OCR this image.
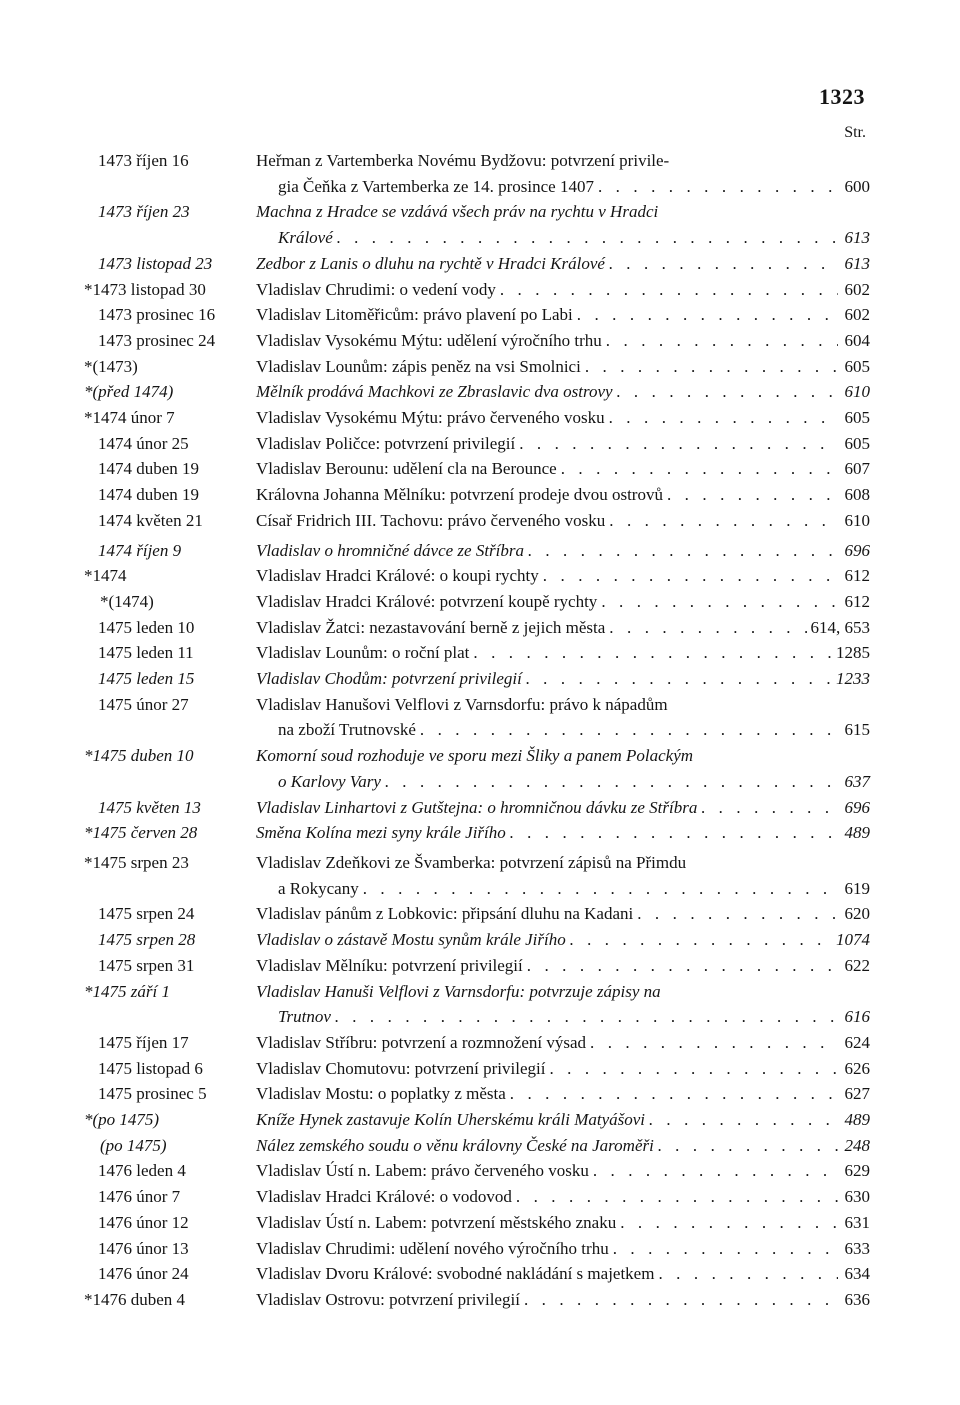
1323
Str.
1473 říjen 16	Heřman z Vartemberka Novému Bydžovu: potvrzení privile-
gia Čeňka z Vartemberka ze 14. prosince 1407 . . .	600
1473 říjen 23	Machna z Hradce se vzdává všech práv na rychtu v Hradci
Králové . . .	613
1473 listopad 23	Zedbor z Lanis o dluhu na rychtě v Hradci Králové . . .	613
*1473 listopad 30	Vladislav Chrudimi: o vedení vody . . .	602
1473 prosinec 16	Vladislav Litoměřicům: právo plavení po Labi . . .	602
1473 prosinec 24	Vladislav Vysokému Mýtu: udělení výročního trhu . . .	604
*(1473)	Vladislav Lounům: zápis peněz na vsi Smolnici . . .	605
*(před 1474)	Mělník prodává Machkovi ze Zbraslavic dva ostrovy . . .	610
*1474 únor 7	Vladislav Vysokému Mýtu: právo červeného vosku . . .	605
1474 únor 25	Vladislav Poličce: potvrzení privilegií . . .	605
1474 duben 19	Vladislav Berounu: udělení cla na Berounce . . .	607
1474 duben 19	Královna Johanna Mělníku: potvrzení prodeje dvou ostrovů . . .	608
1474 květen 21	Císař Fridrich III. Tachovu: právo červeného vosku . . .	610
1474 říjen 9	Vladislav o hromničné dávce ze Stříbra . . .	696
*1474	Vladislav Hradci Králové: o koupi rychty . . .	612
*(1474)	Vladislav Hradci Králové: potvrzení koupě rychty . . .	612
1475 leden 10	Vladislav Žatci: nezastavování berně z jejich města . . .	614, 653
1475 leden 11	Vladislav Lounům: o roční plat . . .	1285
1475 leden 15	Vladislav Chodům: potvrzení privilegií . . .	1233
1475 únor 27	Vladislav Hanušovi Velflovi z Varnsdorfu: právo k nápadům
na zboží Trutnovské . . .	615
*1475 duben 10	Komorní soud rozhoduje ve sporu mezi Šliky a panem Polackým
o Karlovy Vary . . .	637
1475 květen 13	Vladislav Linhartovi z Gutštejna: o hromničnou dávku ze Stříbra . . .	696
*1475 červen 28	Směna Kolína mezi syny krále Jiřího . . .	489
*1475 srpen 23	Vladislav Zdeňkovi ze Švamberka: potvrzení zápisů na Přimdu
a Rokycany . . .	619
1475 srpen 24	Vladislav pánům z Lobkovic: připsání dluhu na Kadani . . .	620
1475 srpen 28	Vladislav o zástavě Mostu synům krále Jiřího . . .	1074
1475 srpen 31	Vladislav Mělníku: potvrzení privilegií . . .	622
*1475 září 1	Vladislav Hanuši Velflovi z Varnsdorfu: potvrzuje zápisy na
Trutnov . . .	616
1475 říjen 17	Vladislav Stříbru: potvrzení a rozmnožení výsad . . .	624
1475 listopad 6	Vladislav Chomutovu: potvrzení privilegií . . .	626
1475 prosinec 5	Vladislav Mostu: o poplatky z města . . .	627
*(po 1475)	Kníže Hynek zastavuje Kolín Uherskému králi Matyášovi . . .	489
(po 1475)	Nález zemského soudu o věnu královny České na Jaroměři . . .	248
1476 leden 4	Vladislav Ústí n. Labem: právo červeného vosku . . .	629
1476 únor 7	Vladislav Hradci Králové: o vodovod . . .	630
1476 únor 12	Vladislav Ústí n. Labem: potvrzení městského znaku . . .	631
1476 únor 13	Vladislav Chrudimi: udělení nového výročního trhu . . .	633
1476 únor 24	Vladislav Dvoru Králové: svobodné nakládání s majetkem . . .	634
*1476 duben 4	Vladislav Ostrovu: potvrzení privilegií . . .	636
